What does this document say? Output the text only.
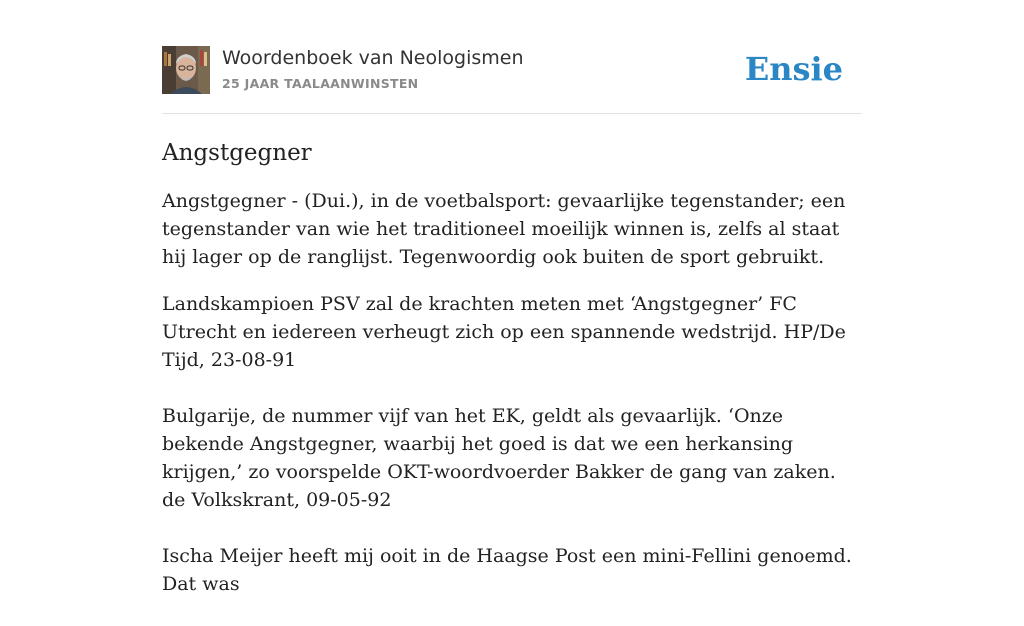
Woordenboek van Neologismen
25 JAAR TAALAANWINSTEN	Ensie
Angstgegner

Angstgegner - (Dui.), in de voetbalsport: gevaarlijke tegenstander; een tegenstander van wie het traditioneel moeilijk winnen is, zelfs al staat hij lager op de ranglijst. Tegenwoordig ook buiten de sport gebruikt.

Landskampioen PSV zal de krachten meten met ‘Angstgegner’ FC Utrecht en iedereen verheugt zich op een spannende wedstrijd. HP/De Tijd, 23-08-91

Bulgarije, de nummer vijf van het EK, geldt als gevaarlijk. ‘Onze bekende Angstgegner, waarbij het goed is dat we een herkansing krijgen,’ zo voorspelde OKT-woordvoerder Bakker de gang van zaken. de Volkskrant, 09-05-92

Ischa Meijer heeft mij ooit in de Haagse Post een mini-Fellini genoemd. Dat was
